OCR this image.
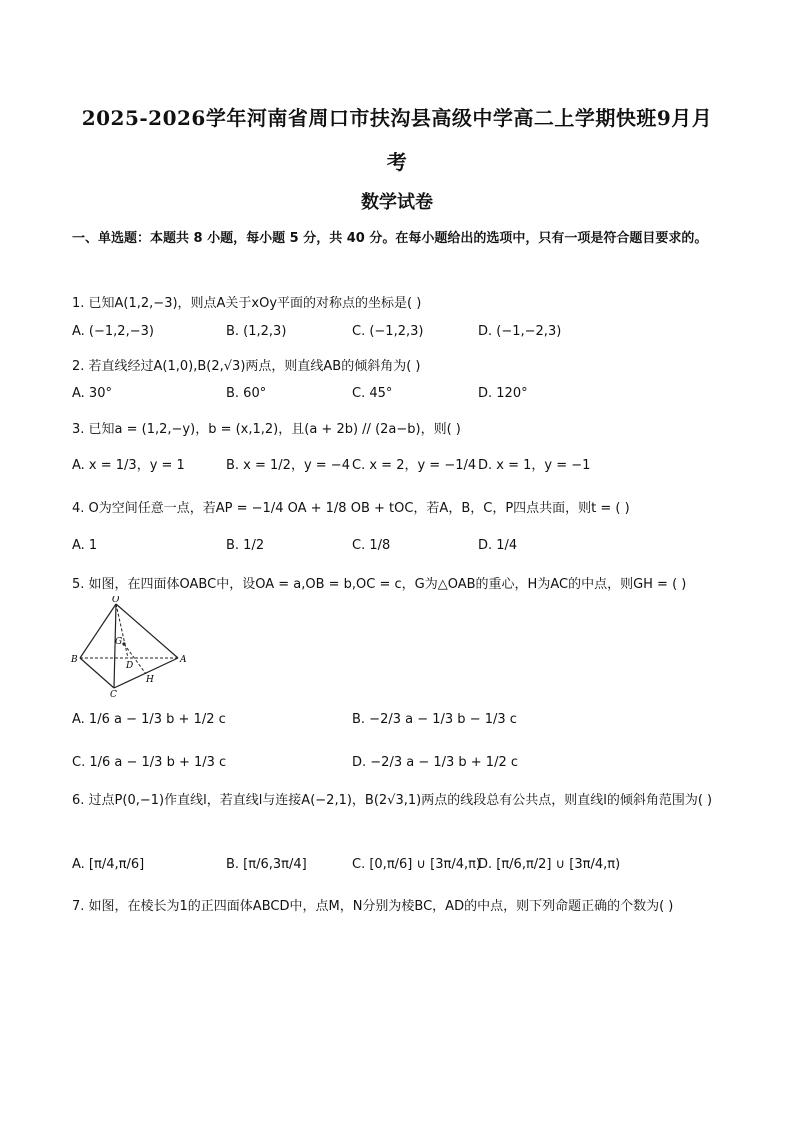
2025-2026学年河南省周口市扶沟县高级中学高二上学期快班9月月
考
数学试卷
一、单选题：本题共 8 小题，每小题 5 分，共 40 分。在每小题给出的选项中，只有一项是符合题目要求的。
1. 已知A(1,2,−3)，则点A关于xOy平面的对称点的坐标是( )
A. (−1,2,−3)	B. (1,2,3)	C. (−1,2,3)	D. (−1,−2,3)
2. 若直线经过A(1,0),B(2,√3)两点，则直线AB的倾斜角为( )
A. 30°	B. 60°	C. 45°	D. 120°
3. 已知a = (1,2,−y)，b = (x,1,2)，且(a + 2b) // (2a−b)，则( )
A. x = 1/3，y = 1	B. x = 1/2，y = −4 C. x = 2，y = −1/4 D. x = 1，y = −1
4. O为空间任意一点，若AP = −1/4 OA + 1/8 OB + tOC，若A，B，C，P四点共面，则t = ( )
A. 1	B. 1/2	C. 1/8	D. 1/4
5. 如图，在四面体OABC中，设OA = a,OB = b,OC = c，G为△OAB的重心，H为AC的中点，则GH = ( )
O
G
B
D
A
H
C
A. 1/6 a − 1/3 b + 1/2 c	B. −2/3 a − 1/3 b − 1/3 c
C. 1/6 a − 1/3 b + 1/3 c	D. −2/3 a − 1/3 b + 1/2 c
6. 过点P(0,−1)作直线l，若直线l与连接A(−2,1)，B(2√3,1)两点的线段总有公共点，则直线l的倾斜角范围为( )
A. [π/4,π/6]	B. [π/6,3π/4]	C. [0,π/6] ∪ [3π/4,π)
D. [π/6,π/2] ∪ [3π/4,π)
7. 如图，在棱长为1的正四面体ABCD中，点M，N分别为棱BC，AD的中点，则下列命题正确的个数为( )
